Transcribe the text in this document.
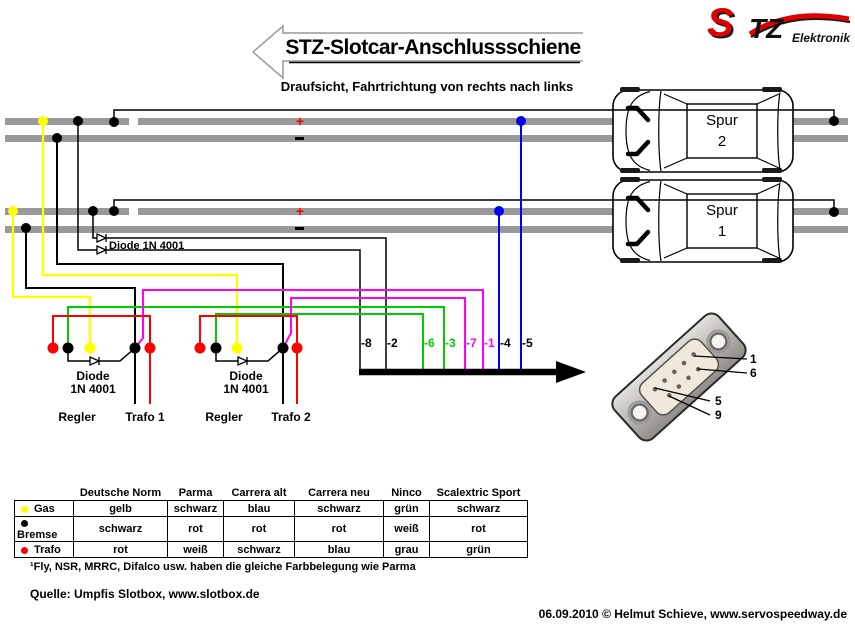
STZ-Slotcar-Anschlussschiene
Draufsicht, Fahrtrichtung von rechts nach links
S TZ Elektronik
+
+
Spur
2
Spur
1
Diode 1N 4001
Diode
1N 4001
Diode
1N 4001
Regler	Trafo 1	Regler	Trafo 2
-8 -2 -6 -3 -7 -1 -4 -5
1
6
5
9
	Deutsche Norm	Parma	Carrera alt	Carrera neu	Ninco	Scalextric Sport
Gas	gelb	schwarz	blau	schwarz	grün	schwarz
Bremse	schwarz	rot	rot	rot	weiß	rot
Trafo	rot	weiß	schwarz	blau	grau	grün
¹Fly, NSR, MRRC, Difalco usw. haben die gleiche Farbbelegung wie Parma
Quelle: Umpfis Slotbox, www.slotbox.de
06.09.2010 © Helmut Schieve, www.servospeedway.de
